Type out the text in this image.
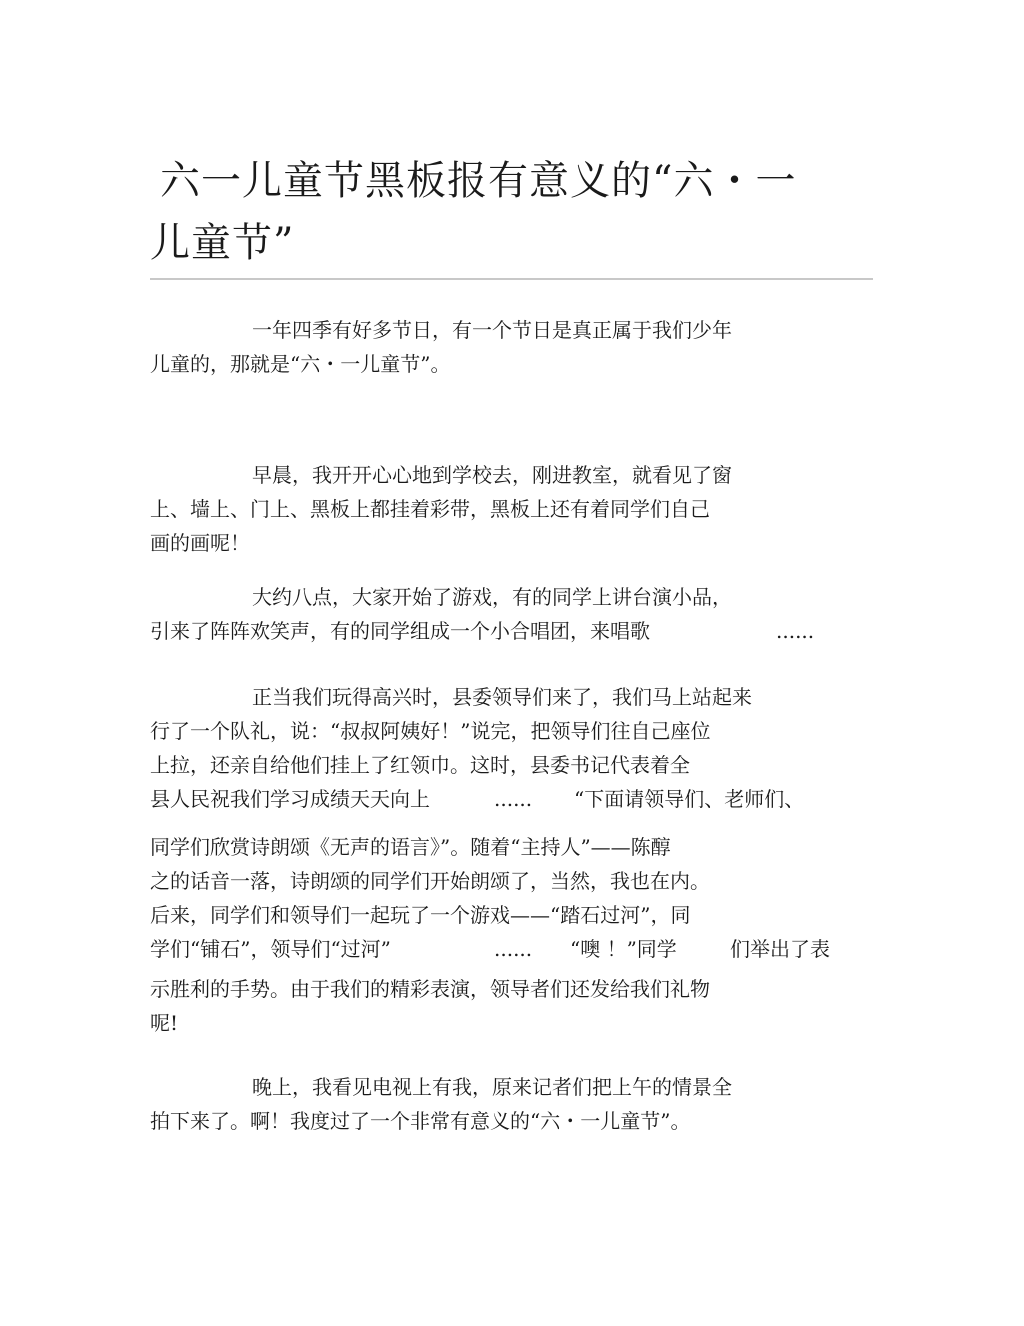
六一儿童节黑板报有意义的“六・一
儿童节”
一年四季有好多节日，有一个节日是真正属于我们少年
儿童的，那就是“六・一儿童节”。
早晨，我开开心心地到学校去，刚进教室，就看见了窗
上、墙上、门上、黑板上都挂着彩带，黑板上还有着同学们自己
画的画呢！
大约八点，大家开始了游戏，有的同学上讲台演小品，
引来了阵阵欢笑声，有的同学组成一个小合唱团，来唱歌	......
正当我们玩得高兴时，县委领导们来了，我们马上站起来
行了一个队礼，说：“叔叔阿姨好！”说完，把领导们往自己座位
上拉，还亲自给他们挂上了红领巾。这时，县委书记代表着全
县人民祝我们学习成绩天天向上	...... “下面请领导们、老师们、
同学们欣赏诗朗颂《无声的语言》”。随着“主持人”——陈醇
之的话音一落，诗朗颂的同学们开始朗颂了，当然，我也在内。
后来，同学们和领导们一起玩了一个游戏——“踏石过河”，同
学们“铺石”，领导们“过河”	...... “噢 ！”同学	们举出了表
示胜利的手势。由于我们的精彩表演，领导者们还发给我们礼物
呢!
晚上，我看见电视上有我，原来记者们把上午的情景全
拍下来了。啊！我度过了一个非常有意义的“六・一儿童节”。
